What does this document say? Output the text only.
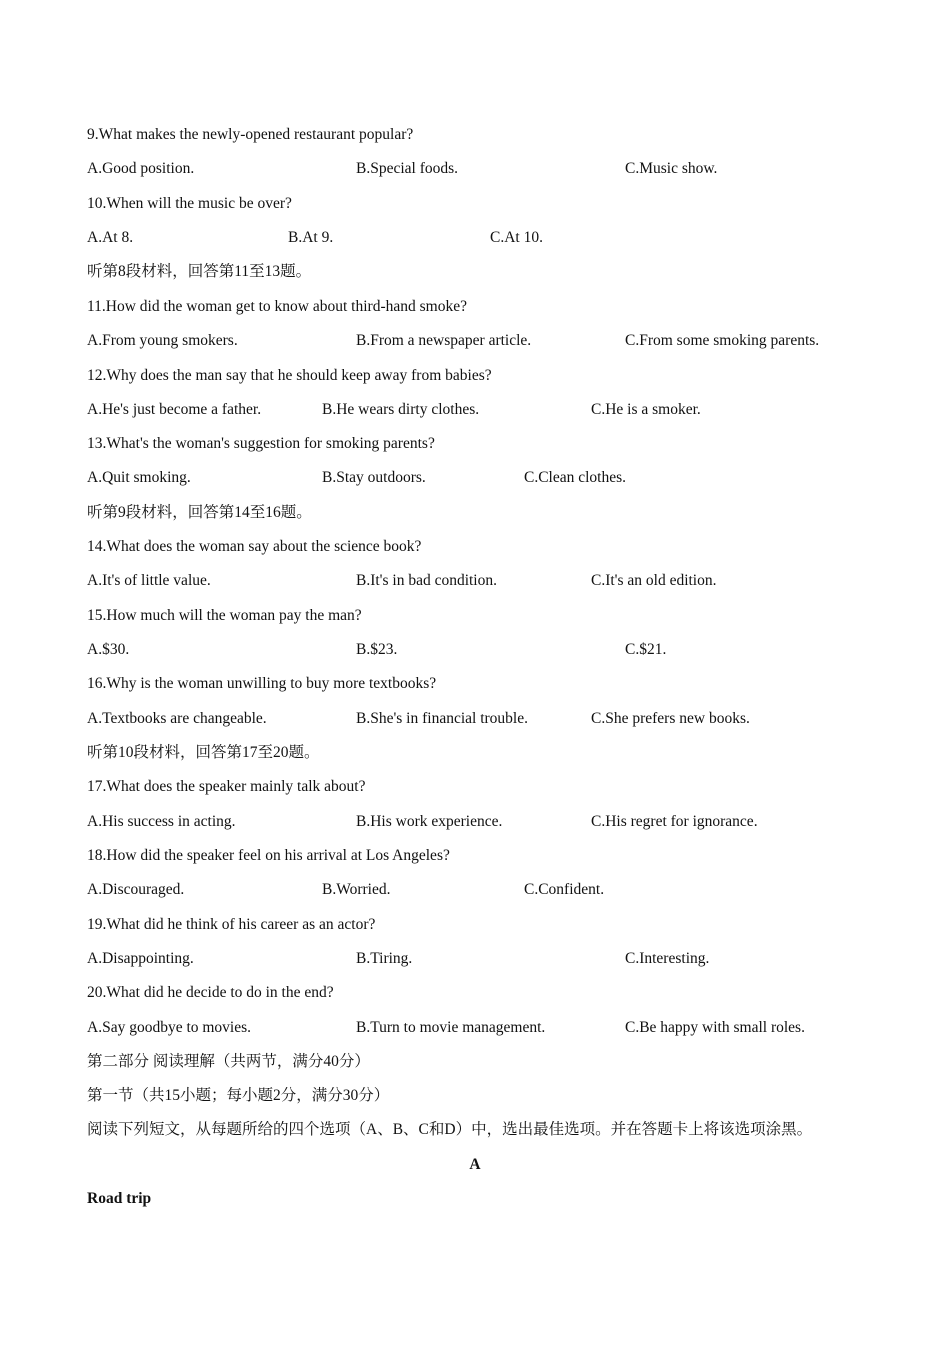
9.What makes the newly-opened restaurant popular?
A.Good position.	B.Special foods.	C.Music show.
10.When will the music be over?
A.At 8.	B.At 9.	C.At 10.
听第8段材料，回答第11至13题。
11.How did the woman get to know about third-hand smoke?
A.From young smokers.	B.From a newspaper article.	C.From some smoking parents.
12.Why does the man say that he should keep away from babies?
A.He's just become a father.	B.He wears dirty clothes.	C.He is a smoker.
13.What's the woman's suggestion for smoking parents?
A.Quit smoking.	B.Stay outdoors.	C.Clean clothes.
听第9段材料，回答第14至16题。
14.What does the woman say about the science book?
A.It's of little value.	B.It's in bad condition.	C.It's an old edition.
15.How much will the woman pay the man?
A.$30.	B.$23.	C.$21.
16.Why is the woman unwilling to buy more textbooks?
A.Textbooks are changeable.	B.She's in financial trouble.	C.She prefers new books.
听第10段材料，回答第17至20题。
17.What does the speaker mainly talk about?
A.His success in acting.	B.His work experience.	C.His regret for ignorance.
18.How did the speaker feel on his arrival at Los Angeles?
A.Discouraged.	B.Worried.	C.Confident.
19.What did he think of his career as an actor?
A.Disappointing.	B.Tiring.	C.Interesting.
20.What did he decide to do in the end?
A.Say goodbye to movies.	B.Turn to movie management.	C.Be happy with small roles.
第二部分 阅读理解（共两节，满分40分）
第一节（共15小题；每小题2分，满分30分）
阅读下列短文，从每题所给的四个选项（A、B、C和D）中，选出最佳选项。并在答题卡上将该选项涂黑。
A
Road trip
